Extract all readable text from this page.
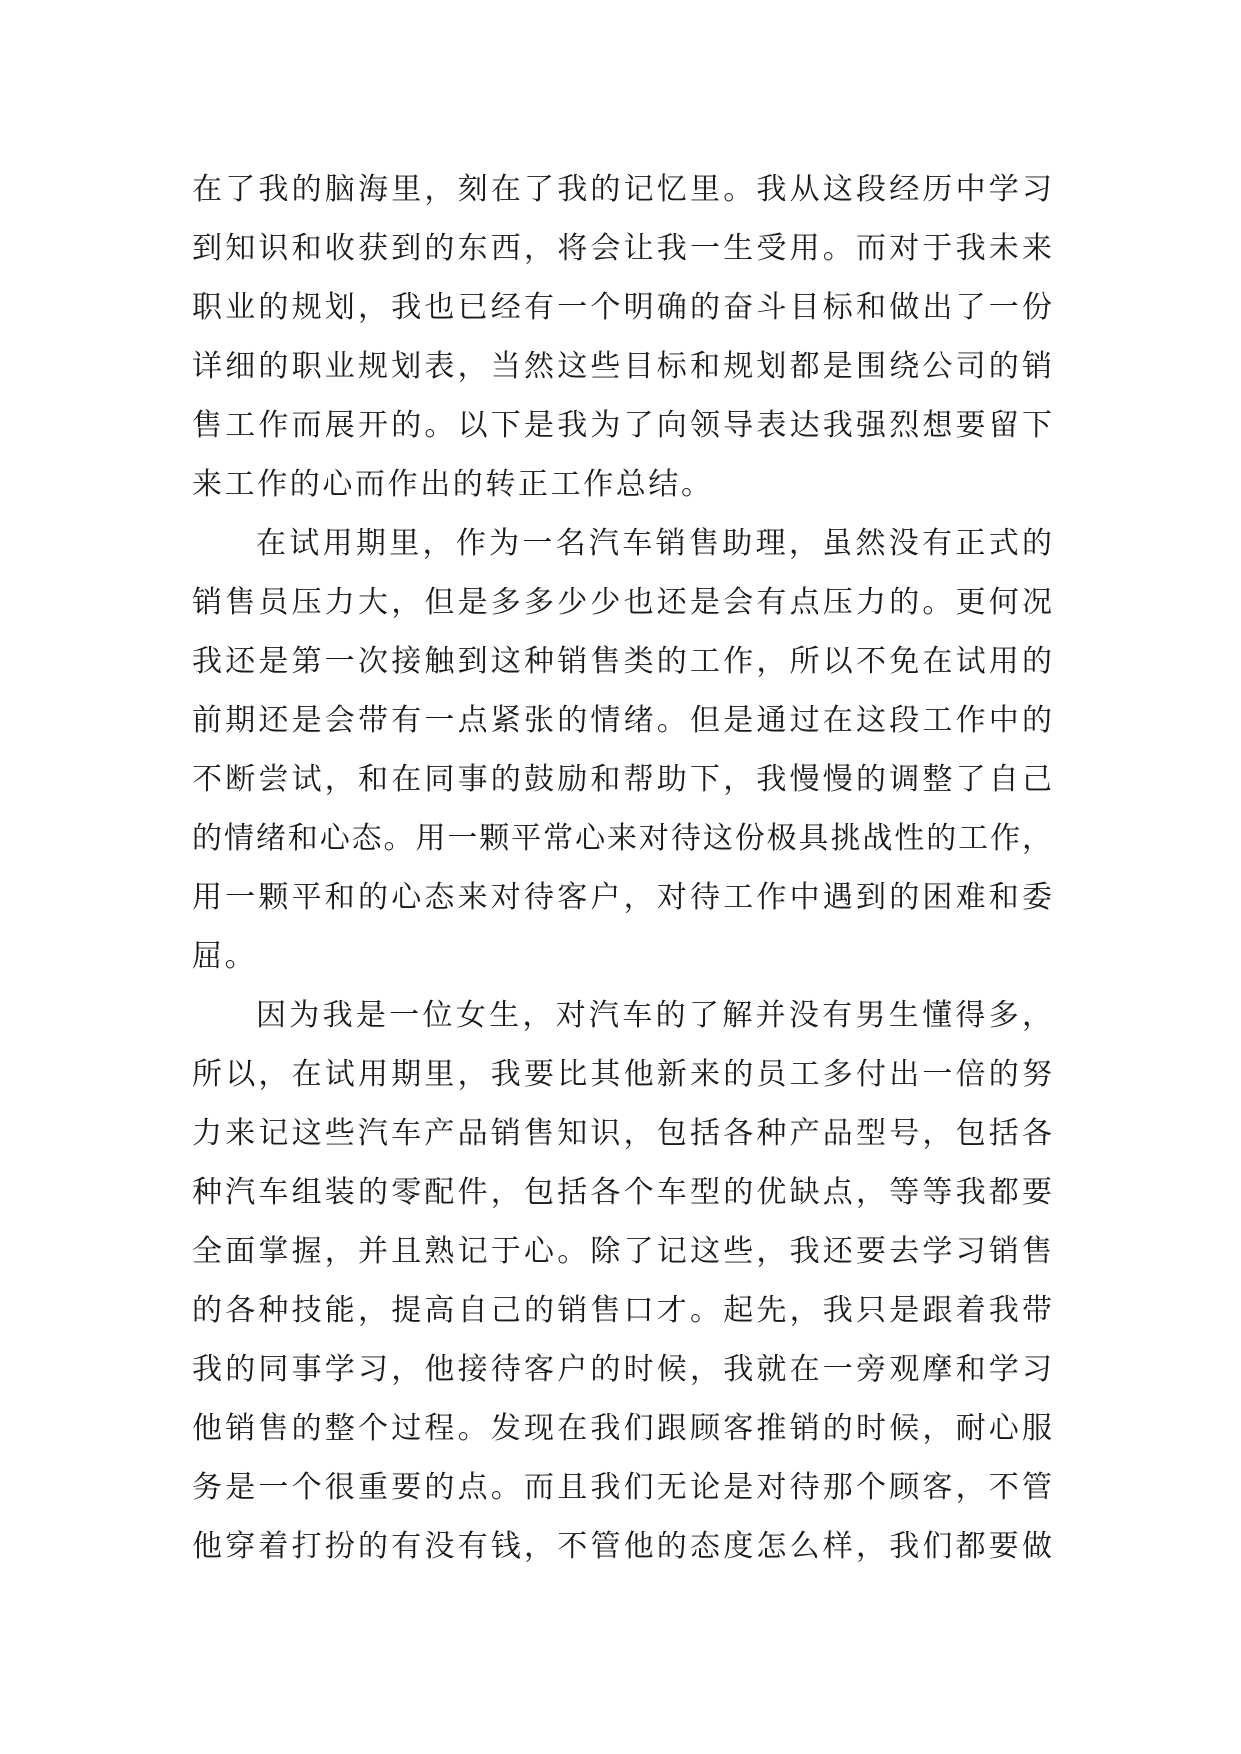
在了我的脑海里，刻在了我的记忆里。我从这段经历中学习
到知识和收获到的东西，将会让我一生受用。而对于我未来
职业的规划，我也已经有一个明确的奋斗目标和做出了一份
详细的职业规划表，当然这些目标和规划都是围绕公司的销
售工作而展开的。以下是我为了向领导表达我强烈想要留下
来工作的心而作出的转正工作总结。
在试用期里，作为一名汽车销售助理，虽然没有正式的
销售员压力大，但是多多少少也还是会有点压力的。更何况
我还是第一次接触到这种销售类的工作，所以不免在试用的
前期还是会带有一点紧张的情绪。但是通过在这段工作中的
不断尝试，和在同事的鼓励和帮助下，我慢慢的调整了自己
的情绪和心态。用一颗平常心来对待这份极具挑战性的工作，
用一颗平和的心态来对待客户，对待工作中遇到的困难和委
屈。
因为我是一位女生，对汽车的了解并没有男生懂得多，
所以，在试用期里，我要比其他新来的员工多付出一倍的努
力来记这些汽车产品销售知识，包括各种产品型号，包括各
种汽车组装的零配件，包括各个车型的优缺点，等等我都要
全面掌握，并且熟记于心。除了记这些，我还要去学习销售
的各种技能，提高自己的销售口才。起先，我只是跟着我带
我的同事学习，他接待客户的时候，我就在一旁观摩和学习
他销售的整个过程。发现在我们跟顾客推销的时候，耐心服
务是一个很重要的点。而且我们无论是对待那个顾客，不管
他穿着打扮的有没有钱，不管他的态度怎么样，我们都要做
